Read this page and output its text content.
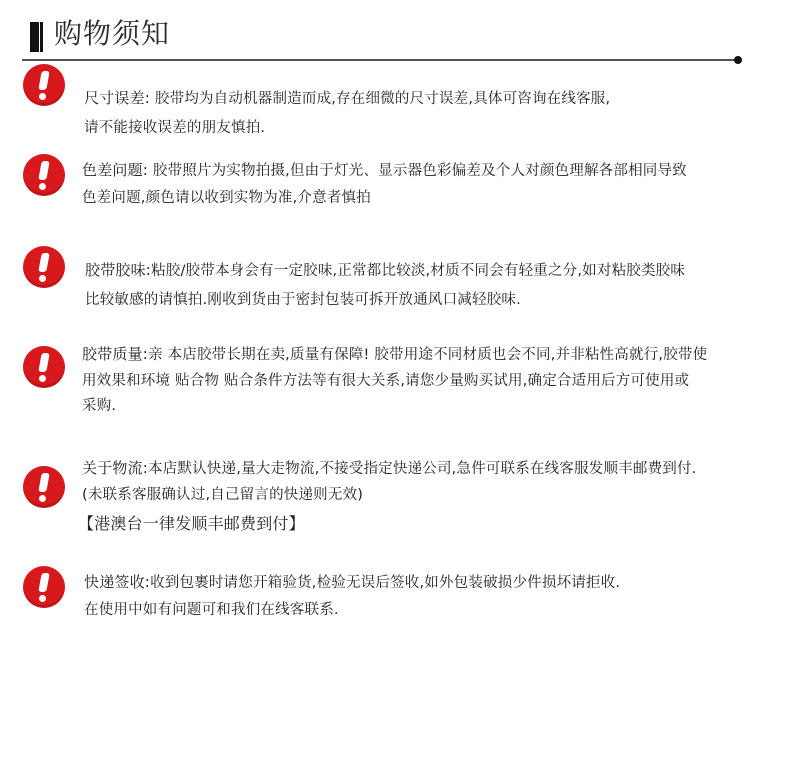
购物须知
尺寸误差: 胶带均为自动机器制造而成,存在细微的尺寸误差,具体可咨询在线客服,
请不能接收误差的朋友慎拍.
色差问题: 胶带照片为实物拍摄,但由于灯光、显示器色彩偏差及个人对颜色理解各部相同导致
色差问题,颜色请以收到实物为准,介意者慎拍
胶带胶味:粘胶/胶带本身会有一定胶味,正常都比较淡,材质不同会有轻重之分,如对粘胶类胶味
比较敏感的请慎拍.刚收到货由于密封包装可拆开放通风口减轻胶味.
胶带质量:亲 本店胶带长期在卖,质量有保障! 胶带用途不同材质也会不同,并非粘性高就行,胶带使
用效果和环境 贴合物 贴合条件方法等有很大关系,请您少量购买试用,确定合适用后方可使用或
采购.
关于物流:本店默认快递,量大走物流,不接受指定快递公司,急件可联系在线客服发顺丰邮费到付.
(未联系客服确认过,自己留言的快递则无效)
【港澳台一律发顺丰邮费到付】
快递签收:收到包裹时请您开箱验货,检验无误后签收,如外包装破损少件损坏请拒收.
在使用中如有问题可和我们在线客联系.
